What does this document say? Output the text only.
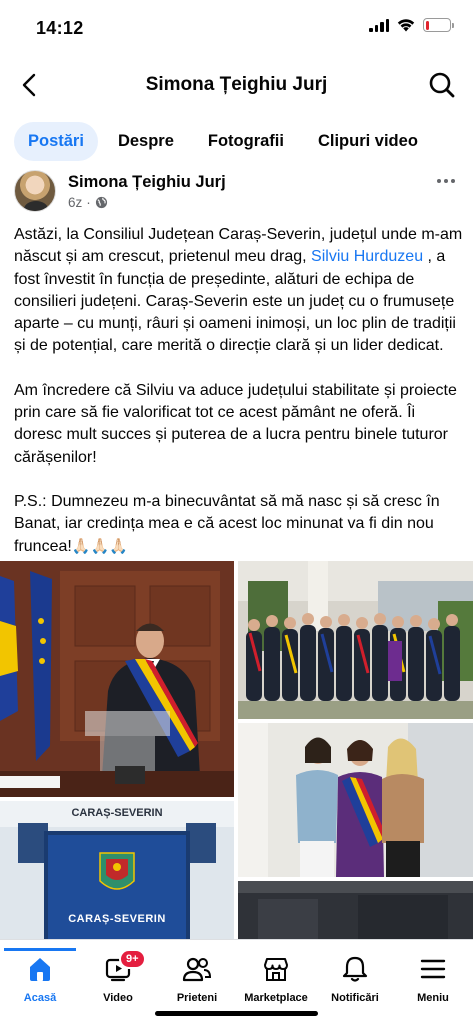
14:12
Simona Țeighiu Jurj
Postări	Despre	Fotografii	Clipuri video
Simona Țeighiu Jurj
6z ·

Astăzi, la Consiliul Județean Caraș-Severin, județul unde m-am născut și am crescut, prietenul meu drag, Silviu Hurduzeu , a fost învestit în funcția de președinte, alături de echipa de consilieri județeni. Caraș-Severin este un județ cu o frumusețe aparte – cu munți, râuri și oameni inimoși, un loc plin de tradiții și de potențial, care merită o direcție clară și un lider dedicat.

Am încredere că Silviu va aduce județului stabilitate și proiecte prin care să fie valorificat tot ce acest pământ ne oferă. Îi doresc mult succes și puterea de a lucra pentru binele tuturor cărășenilor!

P.S.: Dumnezeu m-a binecuvântat să mă nasc și să cresc în Banat, iar credința mea e că acest loc minunat va fi din nou fruncea!🙏🏻🙏🏻🙏🏻

CARAȘ-SEVERIN
CARAȘ-SEVERIN
Acasă
9+
Video	Prieteni Marketplace Notificări	Meniu
